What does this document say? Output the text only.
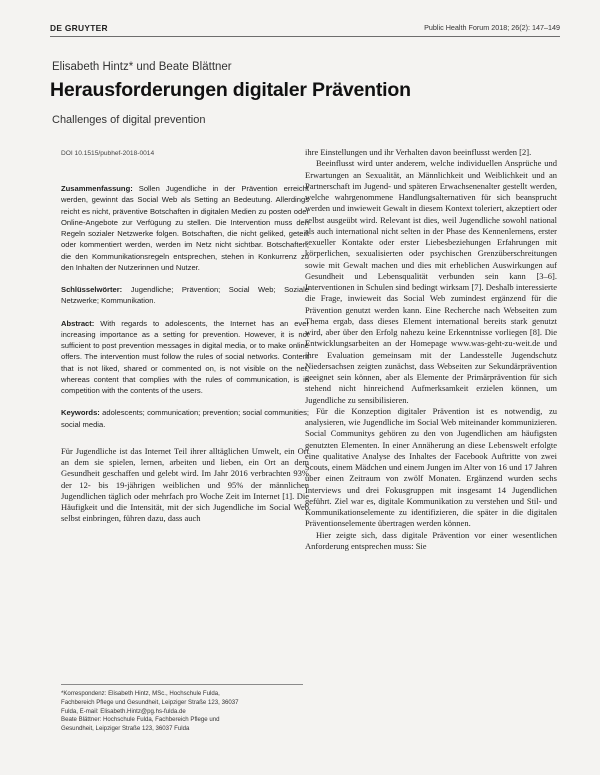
DE GRUYTER	Public Health Forum 2018; 26(2): 147–149
Elisabeth Hintz* und Beate Blättner
Herausforderungen digitaler Prävention
Challenges of digital prevention
DOI 10.1515/pubhef-2018-0014

Zusammenfassung: Sollen Jugendliche in der Prävention erreicht werden, gewinnt das Social Web als Setting an Bedeutung. Allerdings reicht es nicht, präventive Botschaften in digitalen Medien zu posten oder Online-Angebote zur Verfügung zu stellen. Die Intervention muss den Regeln sozialer Netzwerke folgen. Botschaften, die nicht geliked, geteilt oder kommentiert werden, werden im Netz nicht sichtbar. Botschaften, die den Kommunikationsregeln entsprechen, stehen in Konkurrenz zu den Inhalten der Nutzerinnen und Nutzer.

Schlüsselwörter: Jugendliche; Prävention; Social Web; Soziale Netzwerke; Kommunikation.

Abstract: With regards to adolescents, the Internet has an ever increasing importance as a setting for prevention. However, it is not sufficient to post prevention messages in digital media, or to make online offers. The intervention must follow the rules of social networks. Content that is not liked, shared or commented on, is not visible on the net, whereas content that complies with the rules of communication, is in competition with the contents of the users.

Keywords: adolescents; communication; prevention; social communities; social media.

Für Jugendliche ist das Internet Teil ihrer alltäglichen Umwelt, ein Ort an dem sie spielen, lernen, arbeiten und lieben, ein Ort an dem Gesundheit geschaffen und gelebt wird. Im Jahr 2016 verbrachten 93% der 12- bis 19-jährigen weiblichen und 95% der männlichen Jugendlichen täglich oder mehrfach pro Woche Zeit im Internet [1]. Die Häufigkeit und die Intensität, mit der sich Jugendliche im Social Web selbst einbringen, führen dazu, dass auch

*Korrespondenz: Elisabeth Hintz, MSc., Hochschule Fulda,

Fachbereich Pflege und Gesundheit, Leipziger Straße 123, 36037

Fulda, E-mail: Elisabeth.Hintz@pg.hs-fulda.de

Beate Blättner: Hochschule Fulda, Fachbereich Pflege und

Gesundheit, Leipziger Straße 123, 36037 Fulda

ihre Einstellungen und ihr Verhalten davon beeinflusst werden [2].

Beeinflusst wird unter anderem, welche individuellen Ansprüche und Erwartungen an Sexualität, an Männlichkeit und Weiblichkeit und an Partnerschaft im Jugend- und späteren Erwachsenenalter gestellt werden, welche wahrgenommene Handlungsalternativen für sich beansprucht werden und inwieweit Gewalt in diesem Kontext toleriert, akzeptiert oder selbst ausgeübt wird. Relevant ist dies, weil Jugendliche sowohl national als auch international nicht selten in der Phase des Kennenlernens, erster sexueller Kontakte oder erster Liebesbeziehungen Erfahrungen mit körperlichen, sexualisierten oder psychischen Grenzüberschreitungen sowie mit Gewalt machen und dies mit erheblichen Auswirkungen auf Gesundheit und Lebensqualität verbunden sein kann [3–6]. Interventionen in Schulen sind bedingt wirksam [7]. Deshalb interessierte die Frage, inwieweit das Social Web zumindest ergänzend für die Prävention genutzt werden kann. Eine Recherche nach Webseiten zum Thema ergab, dass dieses Element international bereits stark genutzt wird, aber über den Erfolg nahezu keine Erkenntnisse vorliegen [8]. Die Entwicklungsarbeiten an der Homepage www.was-geht-zu-weit.de und ihre Evaluation gemeinsam mit der Landesstelle Jugendschutz Niedersachsen zeigten zunächst, dass Webseiten zur Sekundärprävention geeignet sein können, aber als Elemente der Primärprävention für sich stehend nicht hinreichend Aufmerksamkeit erzielen können, um Jugendliche zu sensibilisieren.

Für die Konzeption digitaler Prävention ist es notwendig, zu analysieren, wie Jugendliche im Social Web miteinander kommunizieren. Social Communitys gehören zu den von Jugendlichen am häufigsten genutzten Elementen. In einer Annäherung an diese Lebenswelt erfolgte eine qualitative Analyse des Inhaltes der Facebook Auftritte von zwei Scouts, einem Mädchen und einem Jungen im Alter von 16 und 17 Jahren über einen Zeitraum von zwölf Monaten. Ergänzend wurden sechs Interviews und drei Fokusgruppen mit insgesamt 14 Jugendlichen geführt. Ziel war es, digitale Kommunikation zu verstehen und Stil- und Kommunikationselemente zu identifizieren, die später in die digitalen Präventionselemente übertragen werden können.

Hier zeigte sich, dass digitale Prävention vor einer wesentlichen Anforderung entsprechen muss: Sie
